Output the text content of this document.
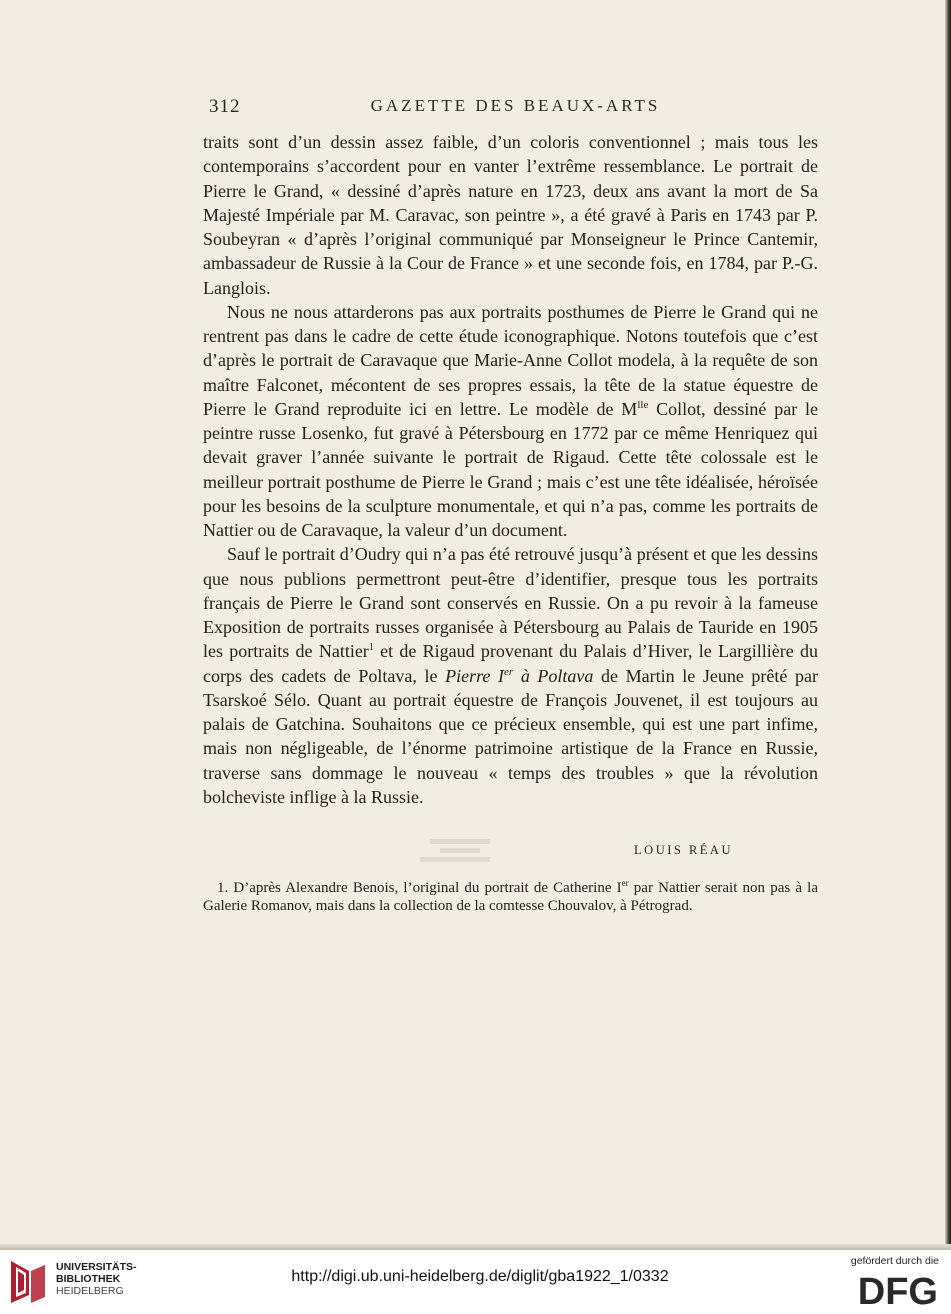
312	GAZETTE DES BEAUX-ARTS

traits sont d’un dessin assez faible, d’un coloris conventionnel ; mais tous les contemporains s’accordent pour en vanter l’extrême ressemblance. Le portrait de Pierre le Grand, « dessiné d’après nature en 1723, deux ans avant la mort de Sa Majesté Impériale par M. Caravac, son peintre », a été gravé à Paris en 1743 par P. Soubeyran « d’après l’original communiqué par Monseigneur le Prince Cantemir, ambassadeur de Russie à la Cour de France » et une seconde fois, en 1784, par P.-G. Langlois.

Nous ne nous attarderons pas aux portraits posthumes de Pierre le Grand qui ne rentrent pas dans le cadre de cette étude iconographique. Notons toutefois que c’est d’après le portrait de Caravaque que Marie-Anne Collot modela, à la requête de son maître Falconet, mécontent de ses propres essais, la tête de la statue équestre de Pierre le Grand reproduite ici en lettre. Le modèle de $M^{lle}$ Collot, dessiné par le peintre russe Losenko, fut gravé à Pétersbourg en 1772 par ce même Henriquez qui devait graver l’année suivante le portrait de Rigaud. Cette tête colossale est le meilleur portrait posthume de Pierre le Grand ; mais c’est une tête idéalisée, héroïsée pour les besoins de la sculpture monumentale, et qui n’a pas, comme les portraits de Nattier ou de Caravaque, la valeur d’un document.

Sauf le portrait d’Oudry qui n’a pas été retrouvé jusqu’à présent et que les dessins que nous publions permettront peut-être d’identifier, presque tous les portraits français de Pierre le Grand sont conservés en Russie. On a pu revoir à la fameuse Exposition de portraits russes organisée à Pétersbourg au Palais de Tauride en 1905 les portraits de Nattier$^1$ et de Rigaud provenant du Palais d’Hiver, le Largillière du corps des cadets de Poltava, le Pierre Ier à Poltava de Martin le Jeune prêté par Tsarskoé Sélo. Quant au portrait équestre de François Jouvenet, il est toujours au palais de Gatchina. Souhaitons que ce précieux ensemble, qui est une part infime, mais non négligeable, de l’énorme patrimoine artistique de la France en Russie, traverse sans dommage le nouveau « temps des troubles » que la révolution bolcheviste inflige à la Russie.

LOUIS RÉAU
1. D’après Alexandre Benois, l’original du portrait de Catherine Ier par Nattier serait non pas à la Galerie Romanov, mais dans la collection de la comtesse Chouvalov, à Pétrograd.
UNIVERSITÄTS-
BIBLIOTHEK
HEIDELBERG
http://digi.ub.uni-heidelberg.de/diglit/gba1922_1/0332
gefördert durch die
DFG
